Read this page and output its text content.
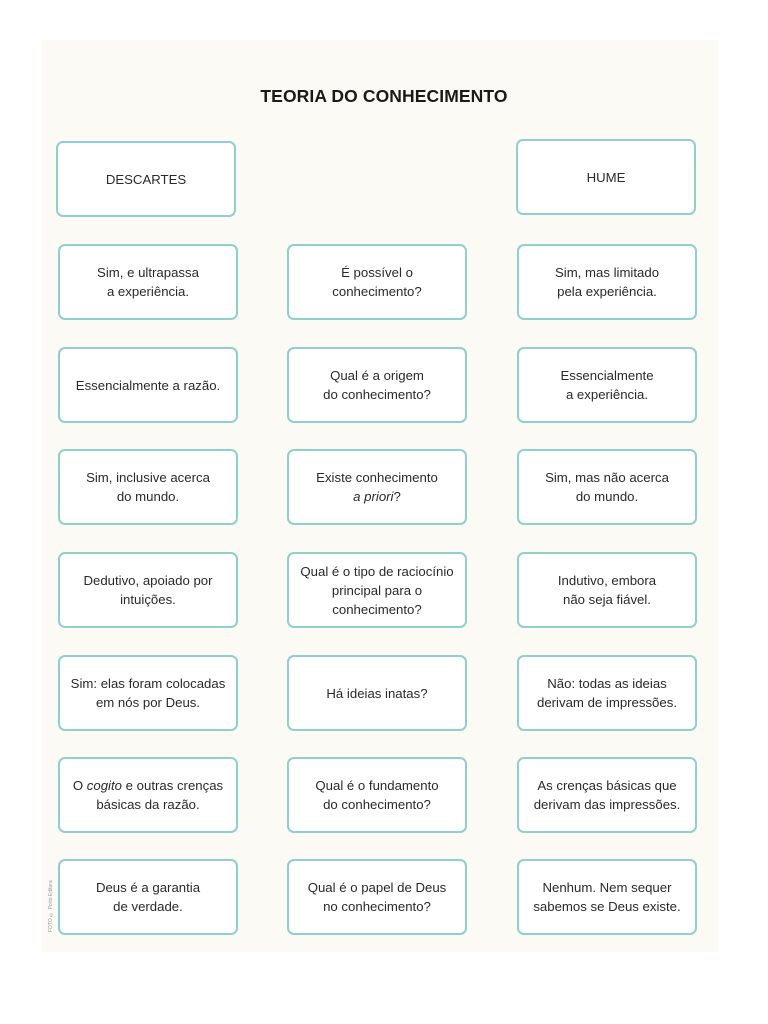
TEORIA DO CONHECIMENTO
DESCARTES	HUME
Sim, e ultrapassa
a experiência.
É possível o
conhecimento?
Sim, mas limitado
pela experiência.
Essencialmente a razão.
Qual é a origem
do conhecimento?
Essencialmente
a experiência.
Sim, inclusive acerca
do mundo.
Existe conhecimento
a priori?
Sim, mas não acerca
do mundo.
Dedutivo, apoiado por
intuições.
Qual é o tipo de raciocínio
principal para o
conhecimento?
Indutivo, embora
não seja fiável.
Sim: elas foram colocadas
em nós por Deus.
Há ideias inatas?
Não: todas as ideias
derivam de impressões.
O cogito e outras crenças
básicas da razão.
Qual é o fundamento
do conhecimento?
As crenças básicas que
derivam das impressões.
Deus é a garantia
de verdade.
Qual é o papel de Deus
no conhecimento?
Nenhum. Nem sequer
sabemos se Deus existe.
FOTO © Porto Editora
